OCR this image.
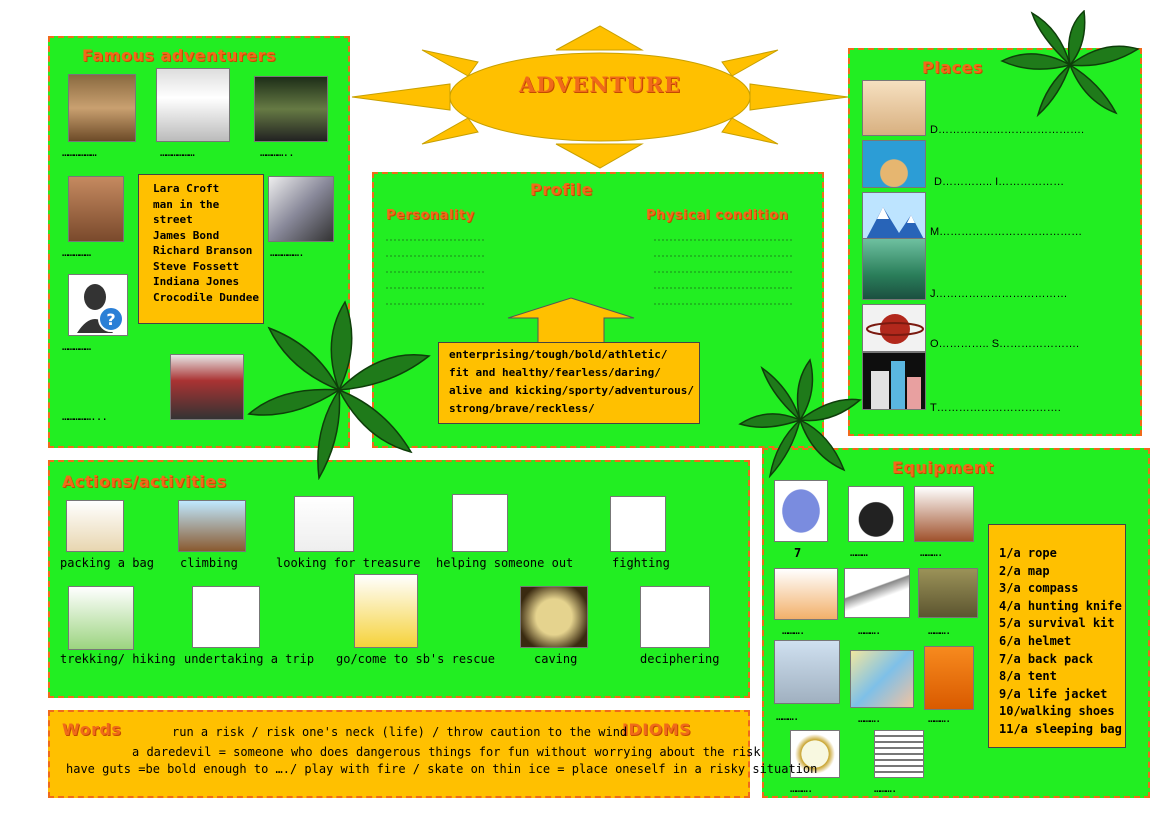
ADVENTURE
Famous adventurers
………………	………………	…………..
……………
Lara Croft
man in the street
James Bond
Richard Branson
Steve Fossett
Indiana Jones
Crocodile Dundee
…………….
?
……………
……………...
Profile
Personality	Physical condition
enterprising/tough/bold/athletic/
fit and healthy/fearless/daring/
alive and kicking/sporty/adventurous/
strong/brave/reckless/
Places
D………………………………….
D………….. I………………
M…………………………………
J………………………………
O………….. S………………….
T…………………………….
Actions/activities
packing a bag climbing	looking for treasure helping someone out	fighting
trekking/ hiking undertaking a trip go/come to sb's rescue	caving	deciphering
Equipment
7	………	……….
……….	……….	……….
……….	……….	……….
……….	……….
1/a rope
2/a map
3/a compass
4/a hunting knife
5/a survival kit
6/a helmet
7/a back pack
8/a tent
9/a life jacket
10/walking shoes
11/a sleeping bag
Words	IDIOMS
run a risk / risk one's neck (life) / throw caution to the wind
a daredevil = someone who does dangerous things for fun without worrying about the risk
have guts =be bold enough to …./ play with fire / skate on thin ice = place oneself in a risky situation
